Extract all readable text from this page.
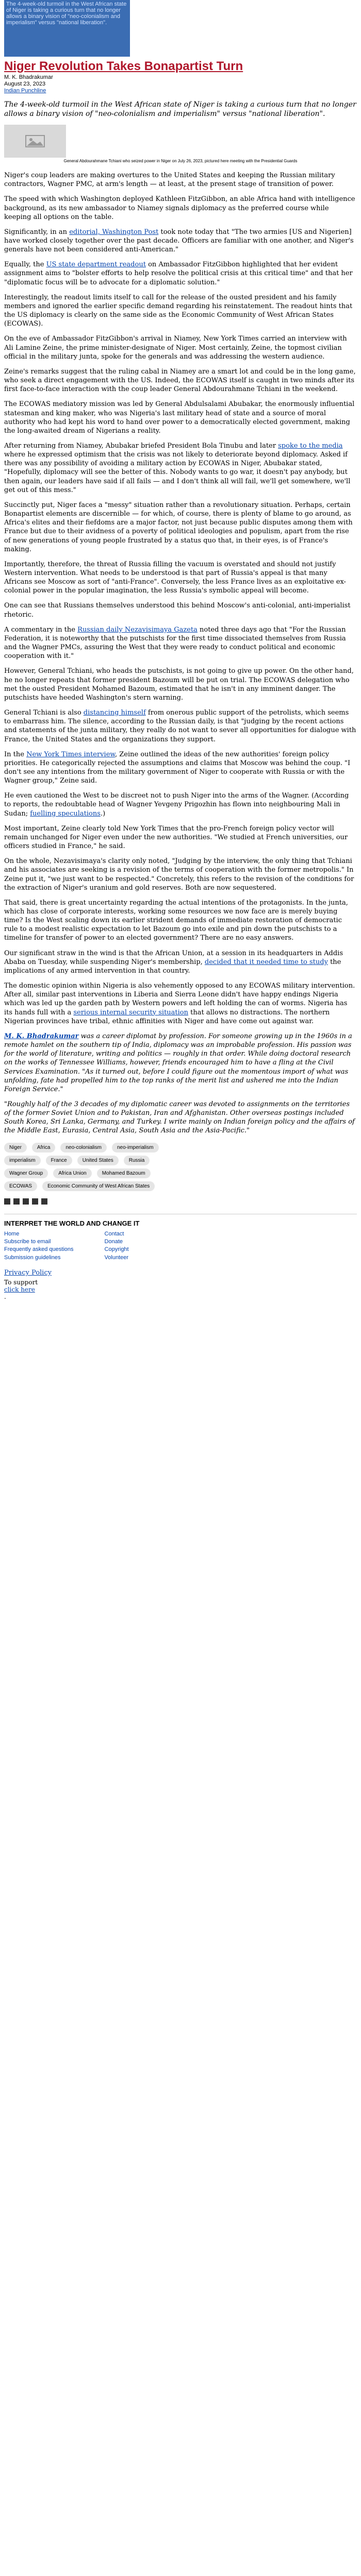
The 4-week-old turmoil in the West African state of Niger is taking a curious turn that no longer allows a binary vision of "neo-colonialism and imperialism" versus "national liberation".
Niger Revolution Takes Bonapartist Turn
M. K. Bhadrakumar
August 23, 2023
Indian Punchline
The 4-week-old turmoil in the West African state of Niger is taking a curious turn that no longer allows a binary vision of "neo-colonialism and imperialism" versus "national liberation".
General Abdourahmane Tchiani who seized power in Niger on July 26, 2023, pictured here meeting with the Presidential Guards

Niger's coup leaders are making overtures to the United States and keeping the Russian military contractors, Wagner PMC, at arm's length — at least, at the present stage of transition of power.

The speed with which Washington deployed Kathleen FitzGibbon, an able Africa hand with intelligence background, as its new ambassador to Niamey signals diplomacy as the preferred course while keeping all options on the table.

Significantly, in an editorial, Washington Post took note today that "The two armies [US and Nigerien] have worked closely together over the past decade. Officers are familiar with one another, and Niger's generals have not been considered anti-American."

Equally, the US state department readout on Ambassador FitzGibbon highlighted that her evident assignment aims to "bolster efforts to help resolve the political crisis at this critical time" and that her "diplomatic focus will be to advocate for a diplomatic solution."

Interestingly, the readout limits itself to call for the release of the ousted president and his family members and ignored the earlier specific demand regarding his reinstatement. The readout hints that the US diplomacy is clearly on the same side as the Economic Community of West African States (ECOWAS).

On the eve of Ambassador FitzGibbon's arrival in Niamey, New York Times carried an interview with Ali Lamine Zeine, the prime minister-designate of Niger. Most certainly, Zeine, the topmost civilian official in the military junta, spoke for the generals and was addressing the western audience.

Zeine's remarks suggest that the ruling cabal in Niamey are a smart lot and could be in the long game, who seek a direct engagement with the US. Indeed, the ECOWAS itself is caught in two minds after its first face-to-face interaction with the coup leader General Abdourahmane Tchiani in the weekend.

The ECOWAS mediatory mission was led by General Abdulsalami Abubakar, the enormously influential statesman and king maker, who was Nigeria's last military head of state and a source of moral authority who had kept his word to hand over power to a democratically elected government, making the long-awaited dream of Nigerians a reality.

After returning from Niamey, Abubakar briefed President Bola Tinubu and later spoke to the media where he expressed optimism that the crisis was not likely to deteriorate beyond diplomacy. Asked if there was any possibility of avoiding a military action by ECOWAS in Niger, Abubakar stated, "Hopefully, diplomacy will see the better of this. Nobody wants to go war, it doesn't pay anybody, but then again, our leaders have said if all fails — and I don't think all will fail, we'll get somewhere, we'll get out of this mess."

Succinctly put, Niger faces a "messy" situation rather than a revolutionary situation. Perhaps, certain Bonapartist elements are discernible — for which, of course, there is plenty of blame to go around, as Africa's elites and their fiefdoms are a major factor, not just because public disputes among them with France but due to their avidness of a poverty of political ideologies and populism, apart from the rise of new generations of young people frustrated by a status quo that, in their eyes, is of France's making.

Importantly, therefore, the threat of Russia filling the vacuum is overstated and should not justify Western intervention. What needs to be understood is that part of Russia's appeal is that many Africans see Moscow as sort of "anti-France". Conversely, the less France lives as an exploitative ex-colonial power in the popular imagination, the less Russia's symbolic appeal will become.

One can see that Russians themselves understood this behind Moscow's anti-colonial, anti-imperialist rhetoric.

A commentary in the Russian daily Nezavisimaya Gazeta noted three days ago that "For the Russian Federation, it is noteworthy that the putschists for the first time dissociated themselves from Russia and the Wagner PMCs, assuring the West that they were ready to conduct political and economic cooperation with it."

However, General Tchiani, who heads the putschists, is not going to give up power. On the other hand, he no longer repeats that former president Bazoum will be put on trial. The ECOWAS delegation who met the ousted President Mohamed Bazoum, estimated that he isn't in any imminent danger. The putschists have heeded Washington's stern warning.

General Tchiani is also distancing himself from onerous public support of the petrolists, which seems to embarrass him. The silence, according to the Russian daily, is that "judging by the recent actions and statements of the junta military, they really do not want to sever all opportunities for dialogue with France, the United States and the organizations they support.

In the New York Times interview, Zeine outlined the ideas of the new authorities' foreign policy priorities. He categorically rejected the assumptions and claims that Moscow was behind the coup. "I don't see any intentions from the military government of Niger to cooperate with Russia or with the Wagner group," Zeine said.

He even cautioned the West to be discreet not to push Niger into the arms of the Wagner. (According to reports, the redoubtable head of Wagner Yevgeny Prigozhin has flown into neighbouring Mali in Sudan; fuelling speculations.)

Most important, Zeine clearly told New York Times that the pro-French foreign policy vector will remain unchanged for Niger even under the new authorities. "We studied at French universities, our officers studied in France," he said.

On the whole, Nezavisimaya's clarity only noted, "Judging by the interview, the only thing that Tchiani and his associates are seeking is a revision of the terms of cooperation with the former metropolis." In Zeine put it, "we just want to be respected." Concretely, this refers to the revision of the conditions for the extraction of Niger's uranium and gold reserves. Both are now sequestered.

That said, there is great uncertainty regarding the actual intentions of the protagonists. In the junta, which has close of corporate interests, working some resources we now face are is merely buying time? Is the West scaling down its earlier strident demands of immediate restoration of democratic rule to a modest realistic expectation to let Bazoum go into exile and pin down the putschists to a timeline for transfer of power to an elected government? There are no easy answers.

Our significant straw in the wind is that the African Union, at a session in its headquarters in Addis Ababa on Tuesday, while suspending Niger's membership, decided that it needed time to study the implications of any armed intervention in that country.

The domestic opinion within Nigeria is also vehemently opposed to any ECOWAS military intervention. After all, similar past interventions in Liberia and Sierra Leone didn't have happy endings Nigeria which was led up the garden path by Western powers and left holding the can of worms. Nigeria has its hands full with a serious internal security situation that allows no distractions. The northern Nigerian provinces have tribal, ethnic affinities with Niger and have come out against war.

M. K. Bhadrakumar was a career diplomat by profession. For someone growing up in the 1960s in a remote hamlet on the southern tip of India, diplomacy was an improbable profession. His passion was for the world of literature, writing and politics — roughly in that order. While doing doctoral research on the works of Tennessee Williams, however, friends encouraged him to have a fling at the Civil Services Examination. "As it turned out, before I could figure out the momentous import of what was unfolding, fate had propelled him to the top ranks of the merit list and ushered me into the Indian Foreign Service."
"Roughly half of the 3 decades of my diplomatic career was devoted to assignments on the territories of the former Soviet Union and to Pakistan, Iran and Afghanistan. Other overseas postings included South Korea, Sri Lanka, Germany, and Turkey. I write mainly on Indian foreign policy and the affairs of the Middle East, Eurasia, Central Asia, South Asia and the Asia-Pacific."
Niger	Africa	neo-colonialism	neo-imperialism
imperialism	France	United States	Russia
Wagner Group	Africa Union	Mohamed Bazoum
ECOWAS	Economic Community of West African States
INTERPRET THE WORLD AND CHANGE IT
Home
Subscribe to email
Frequently asked questions
Submission guidelines
Contact
Donate
Copyright
Volunteer
Privacy Policy
To support
click here
.
